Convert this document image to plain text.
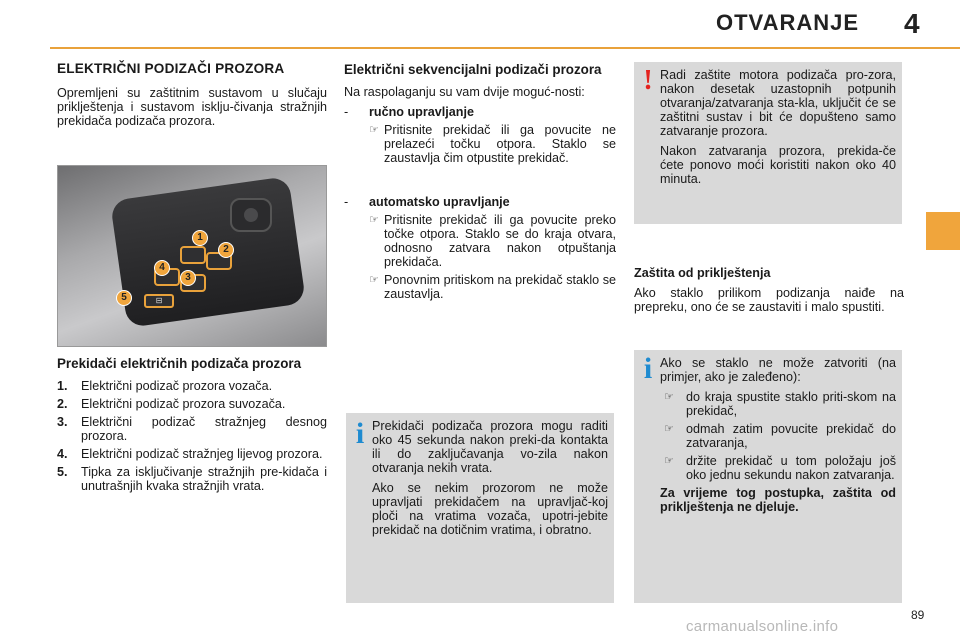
OTVARANJE 4
ELEKTRIČNI PODIZAČI PROZORA

Opremljeni su zaštitnim sustavom u slučaju priklještenja i sustavom isklju-čivanja stražnjih prekidača podizača prozora.

⊟
1
2
3
4
5
Prekidači električnih podizača prozora
1.	Električni podizač prozora vozača.
2.	Električni podizač prozora suvozača.
3.	Električni podizač stražnjeg desnog prozora.
4.	Električni podizač stražnjeg lijevog prozora.
5.	Tipka za isključivanje stražnjih pre-kidača i unutrašnjih kvaka stražnjih vrata.
Električni sekvencijalni podizači prozora

Na raspolaganju su vam dvije moguć-nosti:

-	ručno upravljanje
☞ Pritisnite prekidač ili ga povucite ne prelazeći točku otpora. Staklo se zaustavlja čim otpustite prekidač.
-	automatsko upravljanje
☞ Pritisnite prekidač ili ga povucite preko točke otpora. Staklo se do kraja otvara, odnosno zatvara nakon otpuštanja prekidača.
☞ Ponovnim pritiskom na prekidač staklo se zaustavlja.
! Radi zaštite motora podizača pro-zora, nakon desetak uzastopnih potpunih otvaranja/zatvaranja sta-kla, uključit će se zaštitni sustav i bit će dopušteno samo zatvaranje prozora.

Nakon zatvaranja prozora, prekida-če ćete ponovo moći koristiti nakon oko 40 minuta.

Zaštita od priklještenja

Ako staklo prilikom podizanja naiđe na prepreku, ono će se zaustaviti i malo spustiti.

i Ako se staklo ne može zatvoriti (na primjer, ako je zaleđeno):

☞ do kraja spustite staklo priti-skom na prekidač,
☞ odmah zatim povucite prekidač do zatvaranja,
☞ držite prekidač u tom položaju još oko jednu sekundu nakon zatvaranja.

Za vrijeme tog postupka, zaštita od priklještenja ne djeluje.

i Prekidači podizača prozora mogu raditi oko 45 sekunda nakon preki-da kontakta ili do zaključavanja vo-zila nakon otvaranja nekih vrata.

Ako se nekim prozorom ne može upravljati prekidačem na upravljač-koj ploči na vratima vozača, upotri-jebite prekidač na dotičnim vratima, i obratno.

89
carmanualsonline.info
